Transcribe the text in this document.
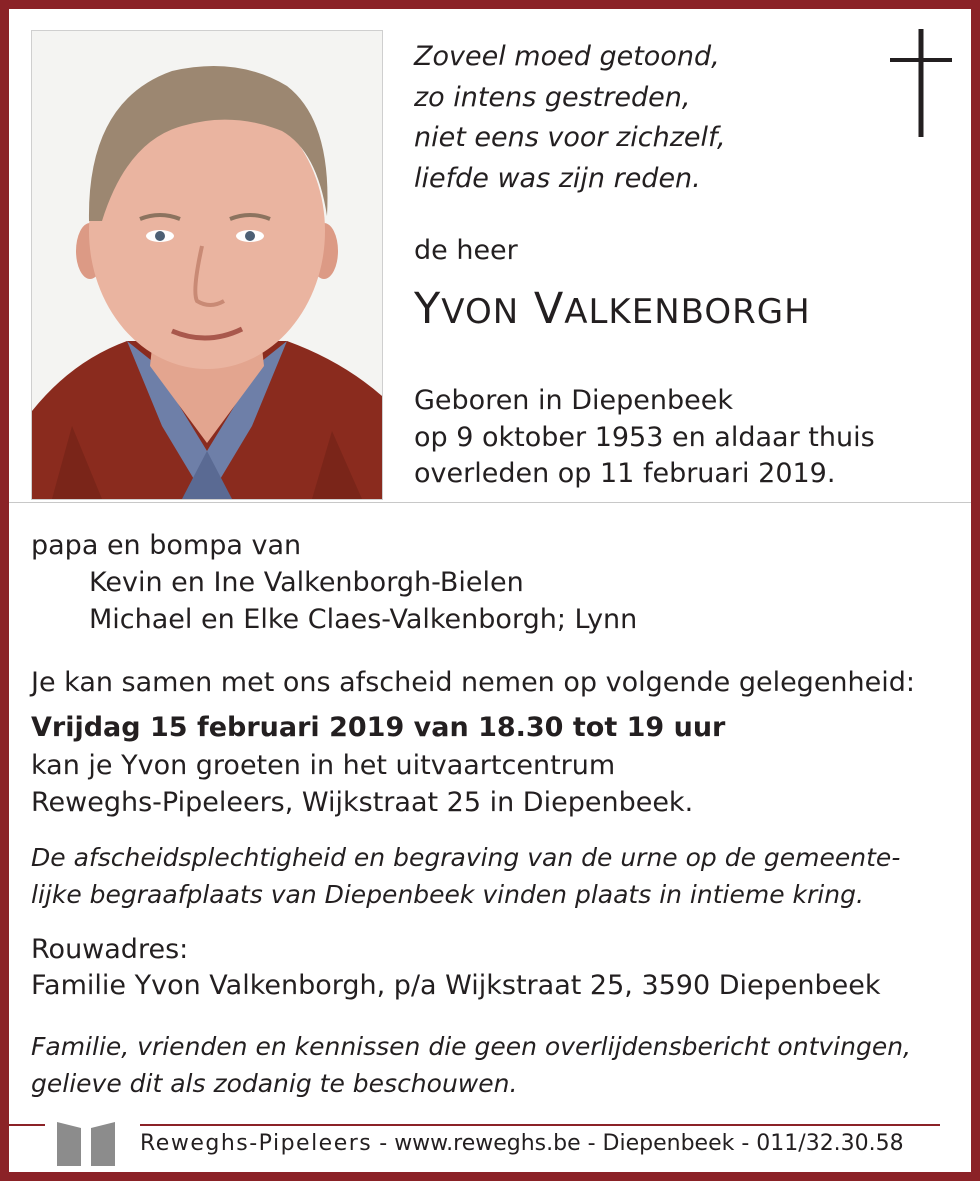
Zoveel moed getoond,
zo intens gestreden,
niet eens voor zichzelf,
liefde was zijn reden.
de heer
YVON VALKENBORGH
Geboren in Diepenbeek
op 9 oktober 1953 en aldaar thuis
overleden op 11 februari 2019.
papa en bompa van
Kevin en Ine Valkenborgh-Bielen
Michael en Elke Claes-Valkenborgh; Lynn
Je kan samen met ons afscheid nemen op volgende gelegenheid:
Vrijdag 15 februari 2019 van 18.30 tot 19 uur
kan je Yvon groeten in het uitvaartcentrum
Reweghs-Pipeleers, Wijkstraat 25 in Diepenbeek.
De afscheidsplechtigheid en begraving van de urne op de gemeente-
lijke begraafplaats van Diepenbeek vinden plaats in intieme kring.
Rouwadres:
Familie Yvon Valkenborgh, p/a Wijkstraat 25, 3590 Diepenbeek
Familie, vrienden en kennissen die geen overlijdensbericht ontvingen,
gelieve dit als zodanig te beschouwen.
Reweghs-Pipeleers - www.reweghs.be - Diepenbeek - 011/32.30.58
